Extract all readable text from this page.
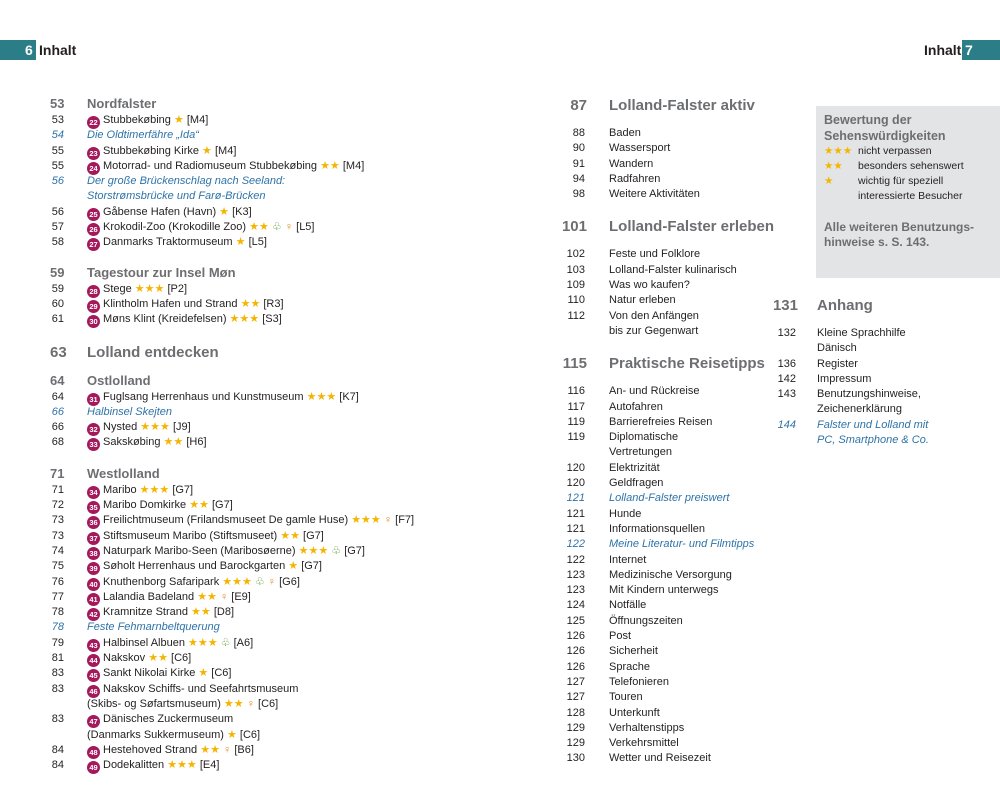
6 Inhalt	Inhalt 7
53 Nordfalster
53	22 Stubbekøbing ★ [M4]
54 Die Oldtimerfähre „Ida“
55	23 Stubbekøbing Kirke ★ [M4]
55	24 Motorrad- und Radiomuseum Stubbekøbing ★★ [M4]
56 Der große Brückenschlag nach Seeland:
Storstrømsbrücke und Farø-Brücken
56	25 Gåbense Hafen (Havn) ★ [K3]
57	26 Krokodil-Zoo (Krokodille Zoo) ★★ ♧ ♀ [L5]
58	27 Danmarks Traktormuseum ★ [L5]
59 Tagestour zur Insel Møn
59	28 Stege ★★★ [P2]
60	29 Klintholm Hafen und Strand ★★ [R3]
61	30 Møns Klint (Kreidefelsen) ★★★ [S3]
63 Lolland entdecken
64 Ostlolland
64	31 Fuglsang Herrenhaus und Kunstmuseum ★★★ [K7]
66 Halbinsel Skejten
66	32 Nysted ★★★ [J9]
68	33 Sakskøbing ★★ [H6]
71 Westlolland
71	34 Maribo ★★★ [G7]
72	35 Maribo Domkirke ★★ [G7]
73	36 Freilichtmuseum (Frilandsmuseet De gamle Huse) ★★★ ♀ [F7]
73	37 Stiftsmuseum Maribo (Stiftsmuseet) ★★ [G7]
74	38 Naturpark Maribo-Seen (Maribosøerne) ★★★ ♧ [G7]
75	39 Søholt Herrenhaus und Barockgarten ★ [G7]
76	40 Knuthenborg Safaripark ★★★ ♧ ♀ [G6]
77	41 Lalandia Badeland ★★ ♀ [E9]
78	42 Kramnitze Strand ★★ [D8]
78 Feste Fehmarnbeltquerung
79	43 Halbinsel Albuen ★★★ ♧ [A6]
81	44 Nakskov ★★ [C6]
83	45 Sankt Nikolai Kirke ★ [C6]
83	46 Nakskov Schiffs- und Seefahrtsmuseum
(Skibs- og Søfartsmuseum) ★★ ♀ [C6]
83	47 Dänisches Zuckermuseum
(Danmarks Sukkermuseum) ★ [C6]
84	48 Hestehoved Strand ★★ ♀ [B6]
84	49 Dodekalitten ★★★ [E4]
87 Lolland-Falster aktiv
88 Baden
90 Wassersport
91 Wandern
94 Radfahren
98 Weitere Aktivitäten
101 Lolland-Falster erleben
102 Feste und Folklore
103 Lolland-Falster kulinarisch
109 Was wo kaufen?
110 Natur erleben
112 Von den Anfängen
bis zur Gegenwart
115 Praktische Reisetipps
116 An- und Rückreise
117 Autofahren
119 Barrierefreies Reisen
119 Diplomatische
Vertretungen
120 Elektrizität
120 Geldfragen
121 Lolland-Falster preiswert
121 Hunde
121 Informationsquellen
122 Meine Literatur- und Filmtipps
122 Internet
123 Medizinische Versorgung
123 Mit Kindern unterwegs
124 Notfälle
125 Öffnungszeiten
126 Post
126 Sicherheit
126 Sprache
127 Telefonieren
127 Touren
128 Unterkunft
129 Verhaltenstipps
129 Verkehrsmittel
130 Wetter und Reisezeit
Bewertung der Sehenswürdigkeiten
★★★ nicht verpassen
★★ besonders sehenswert
★ wichtig für speziell
interessierte Besucher
Alle weiteren Benutzungs-hinweise s. S. 143.
131 Anhang
132 Kleine Sprachhilfe
Dänisch
136 Register
142 Impressum
143 Benutzungshinweise,
Zeichenerklärung
144 Falster und Lolland mit
PC, Smartphone & Co.
